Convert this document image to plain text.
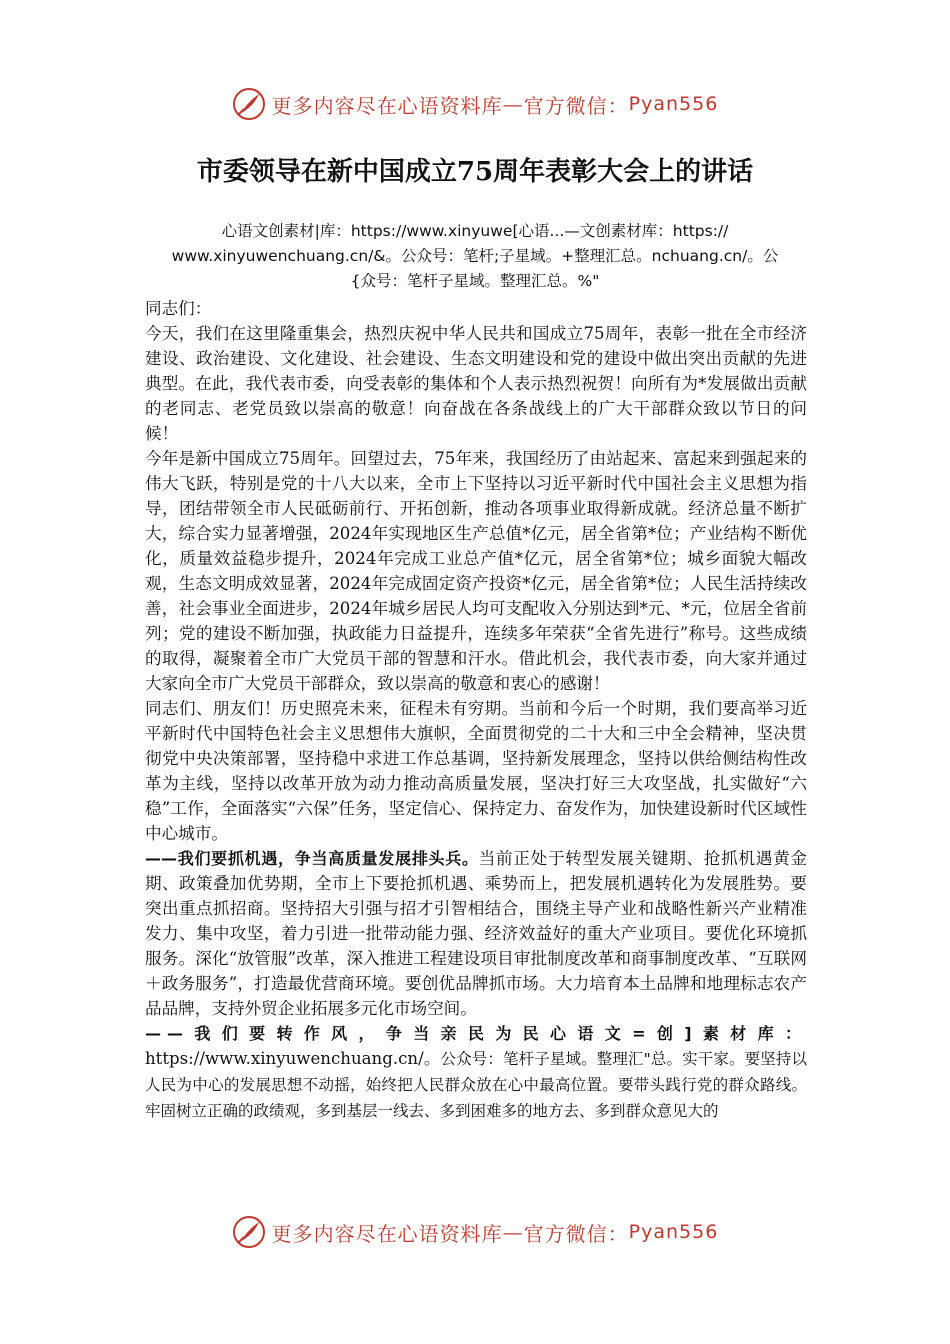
更多内容尽在心语资料库 — 官方微信： Pyan556
市委领导在新中国成立75周年表彰大会上的讲话
心语文创素材|库：https://www.xinyuwe[心语...—文创素材库：https://
www.xinyuwenchuang.cn/&。公众号：笔杆;子星域。+整理汇总。nchuang.cn/。公
{众号：笔杆子星域。整理汇总。%"

同志们：

今天，我们在这里隆重集会，热烈庆祝中华人民共和国成立75周年，表彰一批在全市经济建设、政治建设、文化建设、社会建设、生态文明建设和党的建设中做出突出贡献的先进典型。在此，我代表市委，向受表彰的集体和个人表示热烈祝贺！向所有为*发展做出贡献的老同志、老党员致以崇高的敬意！向奋战在各条战线上的广大干部群众致以节日的问候！

今年是新中国成立75周年。回望过去，75年来，我国经历了由站起来、富起来到强起来的伟大飞跃，特别是党的十八大以来，全市上下坚持以习近平新时代中国社会主义思想为指导，团结带领全市人民砥砺前行、开拓创新，推动各项事业取得新成就。经济总量不断扩大，综合实力显著增强，2024年实现地区生产总值*亿元，居全省第*位；产业结构不断优化，质量效益稳步提升，2024年完成工业总产值*亿元，居全省第*位；城乡面貌大幅改观，生态文明成效显著，2024年完成固定资产投资*亿元，居全省第*位；人民生活持续改善，社会事业全面进步，2024年城乡居民人均可支配收入分别达到*元、*元，位居全省前列；党的建设不断加强，执政能力日益提升，连续多年荣获“全省先进行”称号。这些成绩的取得，凝聚着全市广大党员干部的智慧和汗水。借此机会，我代表市委，向大家并通过大家向全市广大党员干部群众，致以崇高的敬意和衷心的感谢！

同志们、朋友们！历史照亮未来，征程未有穷期。当前和今后一个时期，我们要高举习近平新时代中国特色社会主义思想伟大旗帜，全面贯彻党的二十大和三中全会精神，坚决贯彻党中央决策部署，坚持稳中求进工作总基调，坚持新发展理念，坚持以供给侧结构性改革为主线，坚持以改革开放为动力推动高质量发展，坚决打好三大攻坚战，扎实做好“六稳”工作，全面落实“六保”任务，坚定信心、保持定力、奋发作为，加快建设新时代区域性中心城市。

——我们要抓机遇，争当高质量发展排头兵。当前正处于转型发展关键期、抢抓机遇黄金期、政策叠加优势期，全市上下要抢抓机遇、乘势而上，把发展机遇转化为发展胜势。要突出重点抓招商。坚持招大引强与招才引智相结合，围绕主导产业和战略性新兴产业精准发力、集中攻坚，着力引进一批带动能力强、经济效益好的重大产业项目。要优化环境抓服务。深化“放管服”改革，深入推进工程建设项目审批制度改革和商事制度改革、“互联网＋政务服务”，打造最优营商环境。要创优品牌抓市场。大力培育本土品牌和地理标志农产品品牌，支持外贸企业拓展多元化市场空间。

——我们要转作风，争当亲民为民心语文=创]素材库：https://www.xinyuwenchuang.cn/。公众号：笔杆子星域。整理汇"总。实干家。要坚持以人民为中心的发展思想不动摇，始终把人民群众放在心中最高位置。要带头践行党的群众路线。牢固树立正确的政绩观，多到基层一线去、多到困难多的地方去、多到群众意见大的

更多内容尽在心语资料库 — 官方微信： Pyan556
